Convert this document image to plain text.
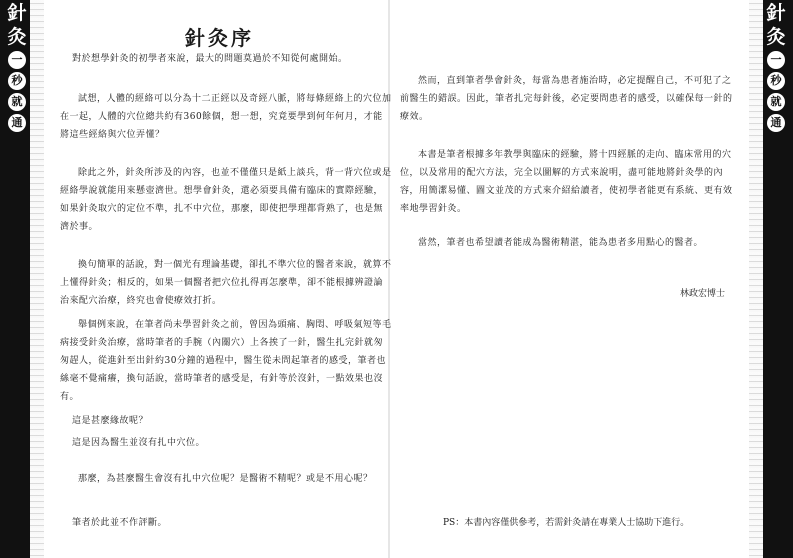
針
灸
一
秒
就
通
針
灸
一
秒
就
通
針灸序

對於想學針灸的初學者來說，最大的問題莫過於不知從何處開始。

試想，人體的經絡可以分為十二正經以及奇經八脈，將每條經絡上的穴位加在一起，人體的穴位總共約有360餘個，想一想，究竟要學到何年何月，才能將這些經絡與穴位弄懂？

除此之外，針灸所涉及的內容，也並不僅僅只是紙上談兵，背一背穴位或是經絡學說就能用來懸壺濟世。想學會針灸，還必須要具備有臨床的實際經驗，如果針灸取穴的定位不準，扎不中穴位，那麼，即使把學理都背熟了，也是無濟於事。

換句簡單的話說，對一個光有理論基礎，卻扎不準穴位的醫者來說，就算不上懂得針灸；相反的，如果一個醫者把穴位扎得再怎麼準，卻不能根據辨證論治來配穴治療，終究也會使療效打折。

舉個例來說，在筆者尚未學習針灸之前，曾因為頭痛、胸悶、呼吸氣短等毛病接受針灸治療，當時筆者的手腕（內關穴）上各挨了一針，醫生扎完針就匆匆趕人，從進針至出針約30分鐘的過程中，醫生從未問起筆者的感受，筆者也絲毫不覺痛癢，換句話說，當時筆者的感受是，有針等於沒針，一點效果也沒有。

這是甚麼緣故呢？

這是因為醫生並沒有扎中穴位。

那麼，為甚麼醫生會沒有扎中穴位呢？是醫術不精呢？或是不用心呢？

筆者於此並不作評斷。

然而，直到筆者學會針灸，每當為患者施治時，必定提醒自己，不可犯了之前醫生的錯誤。因此，筆者扎完每針後，必定要問患者的感受，以確保每一針的療效。

本書是筆者根據多年教學與臨床的經驗，將十四經脈的走向、臨床常用的穴位，以及常用的配穴方法，完全以圖解的方式來說明，盡可能地將針灸學的內容，用簡潔易懂、圖文並茂的方式來介紹給讀者，使初學者能更有系統、更有效率地學習針灸。

當然，筆者也希望讀者能成為醫術精湛，能為患者多用點心的醫者。

林政宏博士
PS：本書內容僅供參考，若需針灸請在專業人士協助下進行。
